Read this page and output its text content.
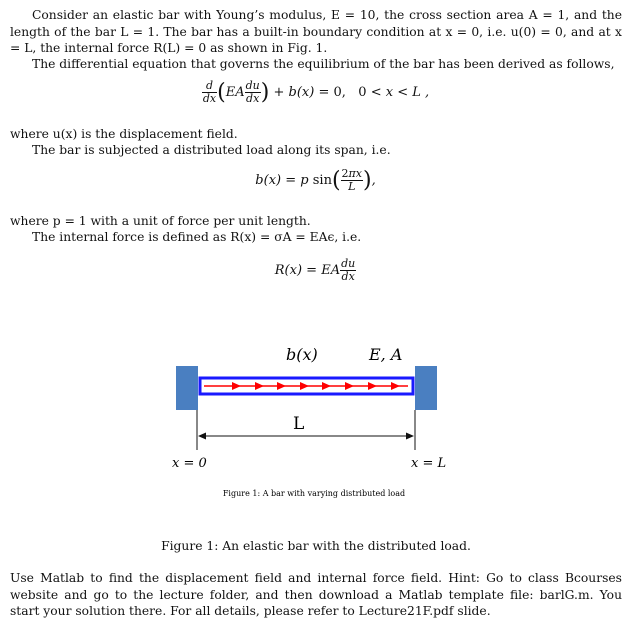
Consider an elastic bar with Young’s modulus, E = 10, the cross section area A = 1, and the length of the bar L = 1. The bar has a built-in boundary condition at x = 0, i.e. u(0) = 0, and at x = L, the internal force R(L) = 0 as shown in Fig. 1.

The differential equation that governs the equilibrium of the bar has been derived as follows,

$\frac{d}{dx} (EA \frac{du}{dx}$ ) + b(x) = 0, 0 < x < L ,

where u(x) is the displacement field.

The bar is subjected a distributed load along its span, i.e.

b(x) = p $\sin( \frac{2\pi x}{L}$ ),

where p = 1 with a unit of force per unit length.

The internal force is defined as R(x) = σA = EAϵ, i.e.

R(x) = EA $\frac{du}{dx}$
b(x)	E, A
L
x = 0	x = L
Figure 1: A bar with varying distributed load

Figure 1: An elastic bar with the distributed load.

Use Matlab to find the displacement field and internal force field. Hint: Go to class Bcourses website and go to the lecture folder, and then download a Matlab template file: barlG.m. You start your solution there. For all details, please refer to Lecture21F.pdf slide.
